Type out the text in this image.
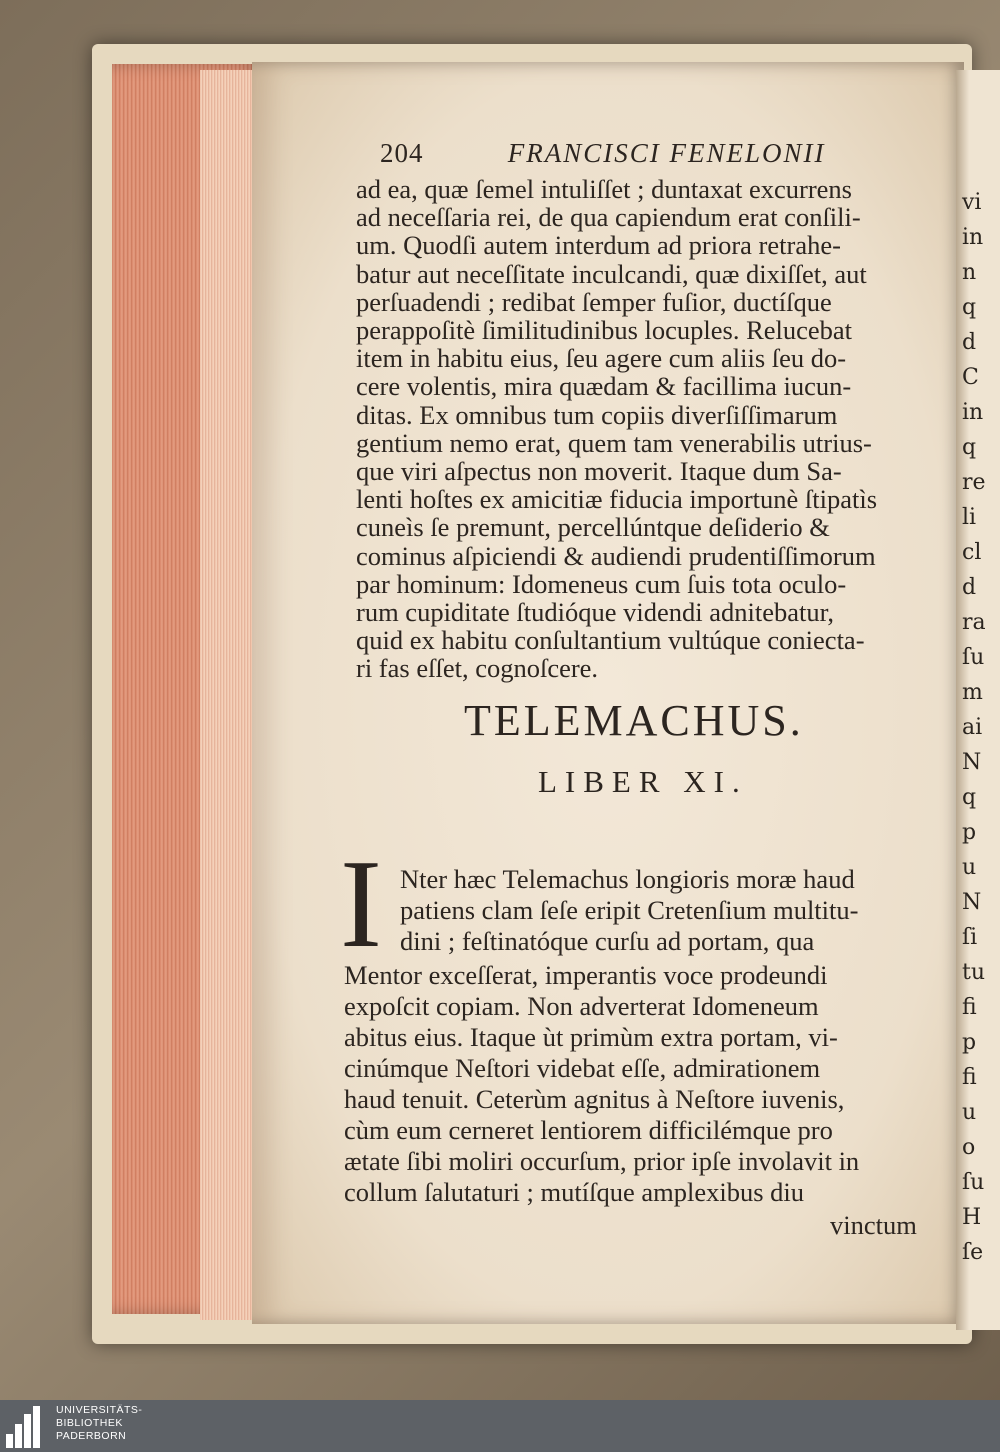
vi
in
n
q
d
C
in
q
re
li
cl
d
ra
ſu
m
ai
N
q
p
u
N
ſi
tu
fi
p
fi
u
o
ſu
H
ſe
204	FRANCISCI FENELONII
ad ea, quæ ſemel intuliſſet ; duntaxat excurrens
ad neceſſaria rei, de qua capiendum erat conſili-
um. Quodſi autem interdum ad priora retrahe-
batur aut neceſſitate inculcandi, quæ dixiſſet, aut
perſuadendi ; redibat ſemper fuſior, ductíſque
perappoſitè ſimilitudinibus locuples. Relucebat
item in habitu eius, ſeu agere cum aliis ſeu do-
cere volentis, mira quædam & facillima iucun-
ditas. Ex omnibus tum copiis diverſiſſimarum
gentium nemo erat, quem tam venerabilis utrius-
que viri aſpectus non moverit. Itaque dum Sa-
lenti hoſtes ex amicitiæ fiducia importunè ſtipatìs
cuneìs ſe premunt, percellúntque deſiderio &
cominus aſpiciendi & audiendi prudentiſſimorum
par hominum: Idomeneus cum ſuis tota oculo-
rum cupiditate ſtudióque videndi adnitebatur,
quid ex habitu conſultantium vultúque coniecta-
ri fas eſſet, cognoſcere.
TELEMACHUS.
LIBER XI.
I Nter hæc Telemachus longioris moræ haud
patiens clam ſeſe eripit Cretenſium multitu-
dini ; feſtinatóque curſu ad portam, qua
Mentor exceſſerat, imperantis voce prodeundi
expoſcit copiam. Non adverterat Idomeneum
abitus eius. Itaque ùt primùm extra portam, vi-
cinúmque Neſtori videbat eſſe, admirationem
haud tenuit. Ceterùm agnitus à Neſtore iuvenis,
cùm eum cerneret lentiorem difficilémque pro
ætate ſibi moliri occurſum, prior ipſe involavit in
collum ſalutaturi ; mutíſque amplexibus diu
vinctum
UNIVERSITÄTS-
BIBLIOTHEK
PADERBORN
